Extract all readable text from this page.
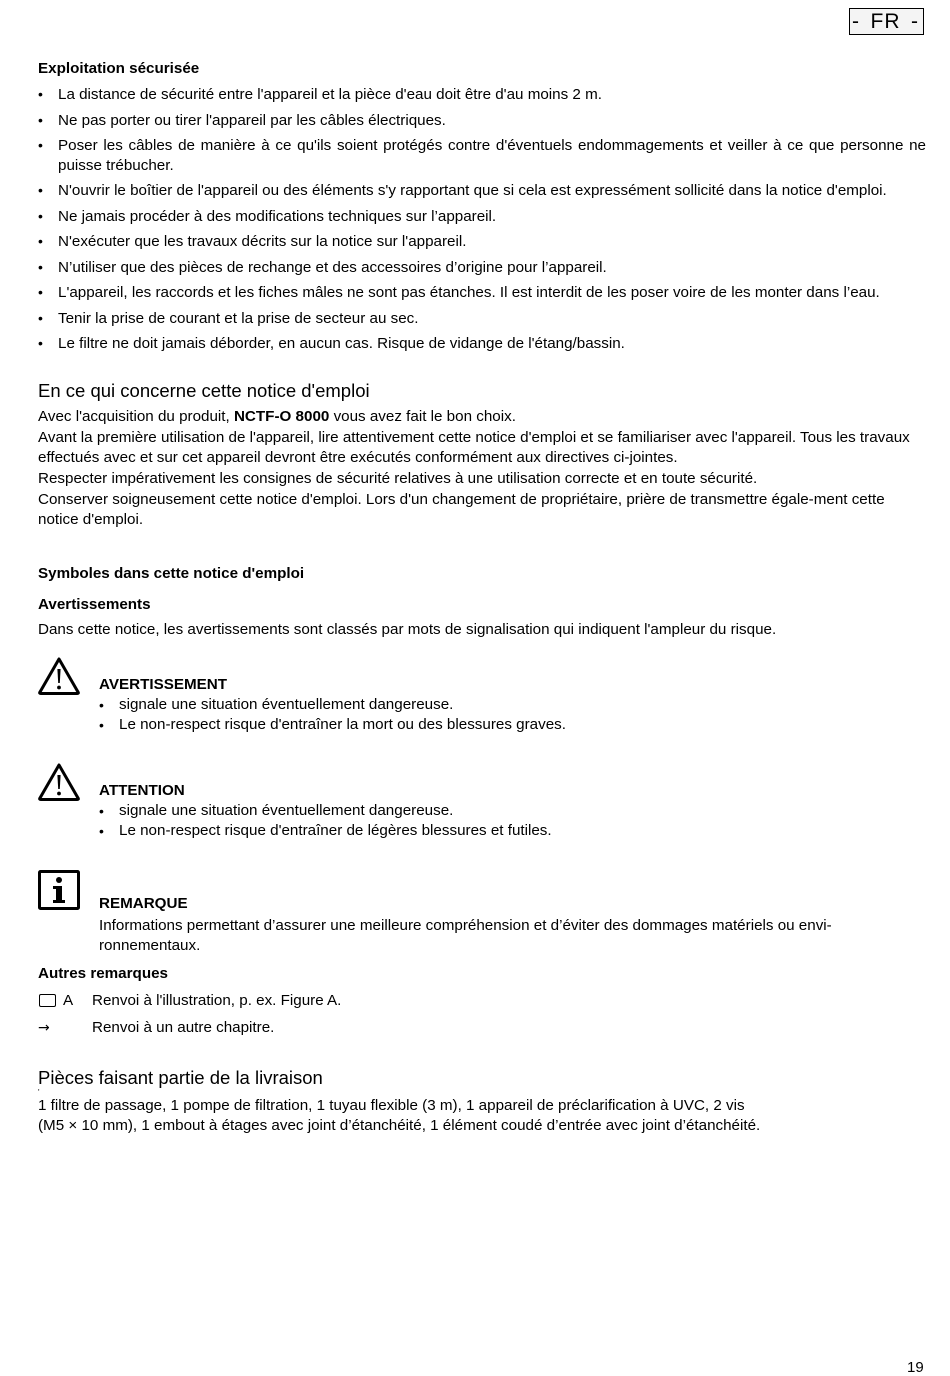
- FR -
Exploitation sécurisée
• La distance de sécurité entre l'appareil et la pièce d'eau doit être d'au moins 2 m.
• Ne pas porter ou tirer l'appareil par les câbles électriques.
• Poser les câbles de manière à ce qu'ils soient protégés contre d'éventuels endommagements et veiller à ce que personne ne puisse trébucher.
• N'ouvrir le boîtier de l'appareil ou des éléments s'y rapportant que si cela est expressément sollicité dans la notice d'emploi.
• Ne jamais procéder à des modifications techniques sur l’appareil.
• N'exécuter que les travaux décrits sur la notice sur l'appareil.
• N’utiliser que des pièces de rechange et des accessoires d’origine pour l’appareil.
• L'appareil, les raccords et les fiches mâles ne sont pas étanches. Il est interdit de les poser voire de les monter dans l’eau.
• Tenir la prise de courant et la prise de secteur au sec.
• Le filtre ne doit jamais déborder, en aucun cas. Risque de vidange de l'étang/bassin.
En ce qui concerne cette notice d'emploi

Avec l'acquisition du produit, NCTF-O 8000 vous avez fait le bon choix.

Avant la première utilisation de l'appareil, lire attentivement cette notice d'emploi et se familiariser avec l'appareil. Tous les travaux effectués avec et sur cet appareil devront être exécutés conformément aux directives ci-jointes.

Respecter impérativement les consignes de sécurité relatives à une utilisation correcte et en toute sécurité.

Conserver soigneusement cette notice d'emploi. Lors d'un changement de propriétaire, prière de transmettre égale-ment cette notice d'emploi.

Symboles dans cette notice d'emploi
Avertissements

Dans cette notice, les avertissements sont classés par mots de signalisation qui indiquent l'ampleur du risque.

AVERTISSEMENT
• signale une situation éventuellement dangereuse.
• Le non-respect risque d'entraîner la mort ou des blessures graves.
ATTENTION
• signale une situation éventuellement dangereuse.
• Le non-respect risque d'entraîner de légères blessures et futiles.
REMARQUE
Informations permettant d’assurer une meilleure compréhension et d’éviter des dommages matériels ou envi-ronnementaux.
Autres remarques
A Renvoi à l'illustration, p. ex. Figure A.
→	Renvoi à un autre chapitre.
Pièces faisant partie de la livraison
'

1 filtre de passage, 1 pompe de filtration, 1 tuyau flexible (3 m), 1 appareil de préclarification à UVC, 2 vis

(M5 × 10 mm), 1 embout à étages avec joint d’étanchéité, 1 élément coudé d’entrée avec joint d’étanchéité.

19
